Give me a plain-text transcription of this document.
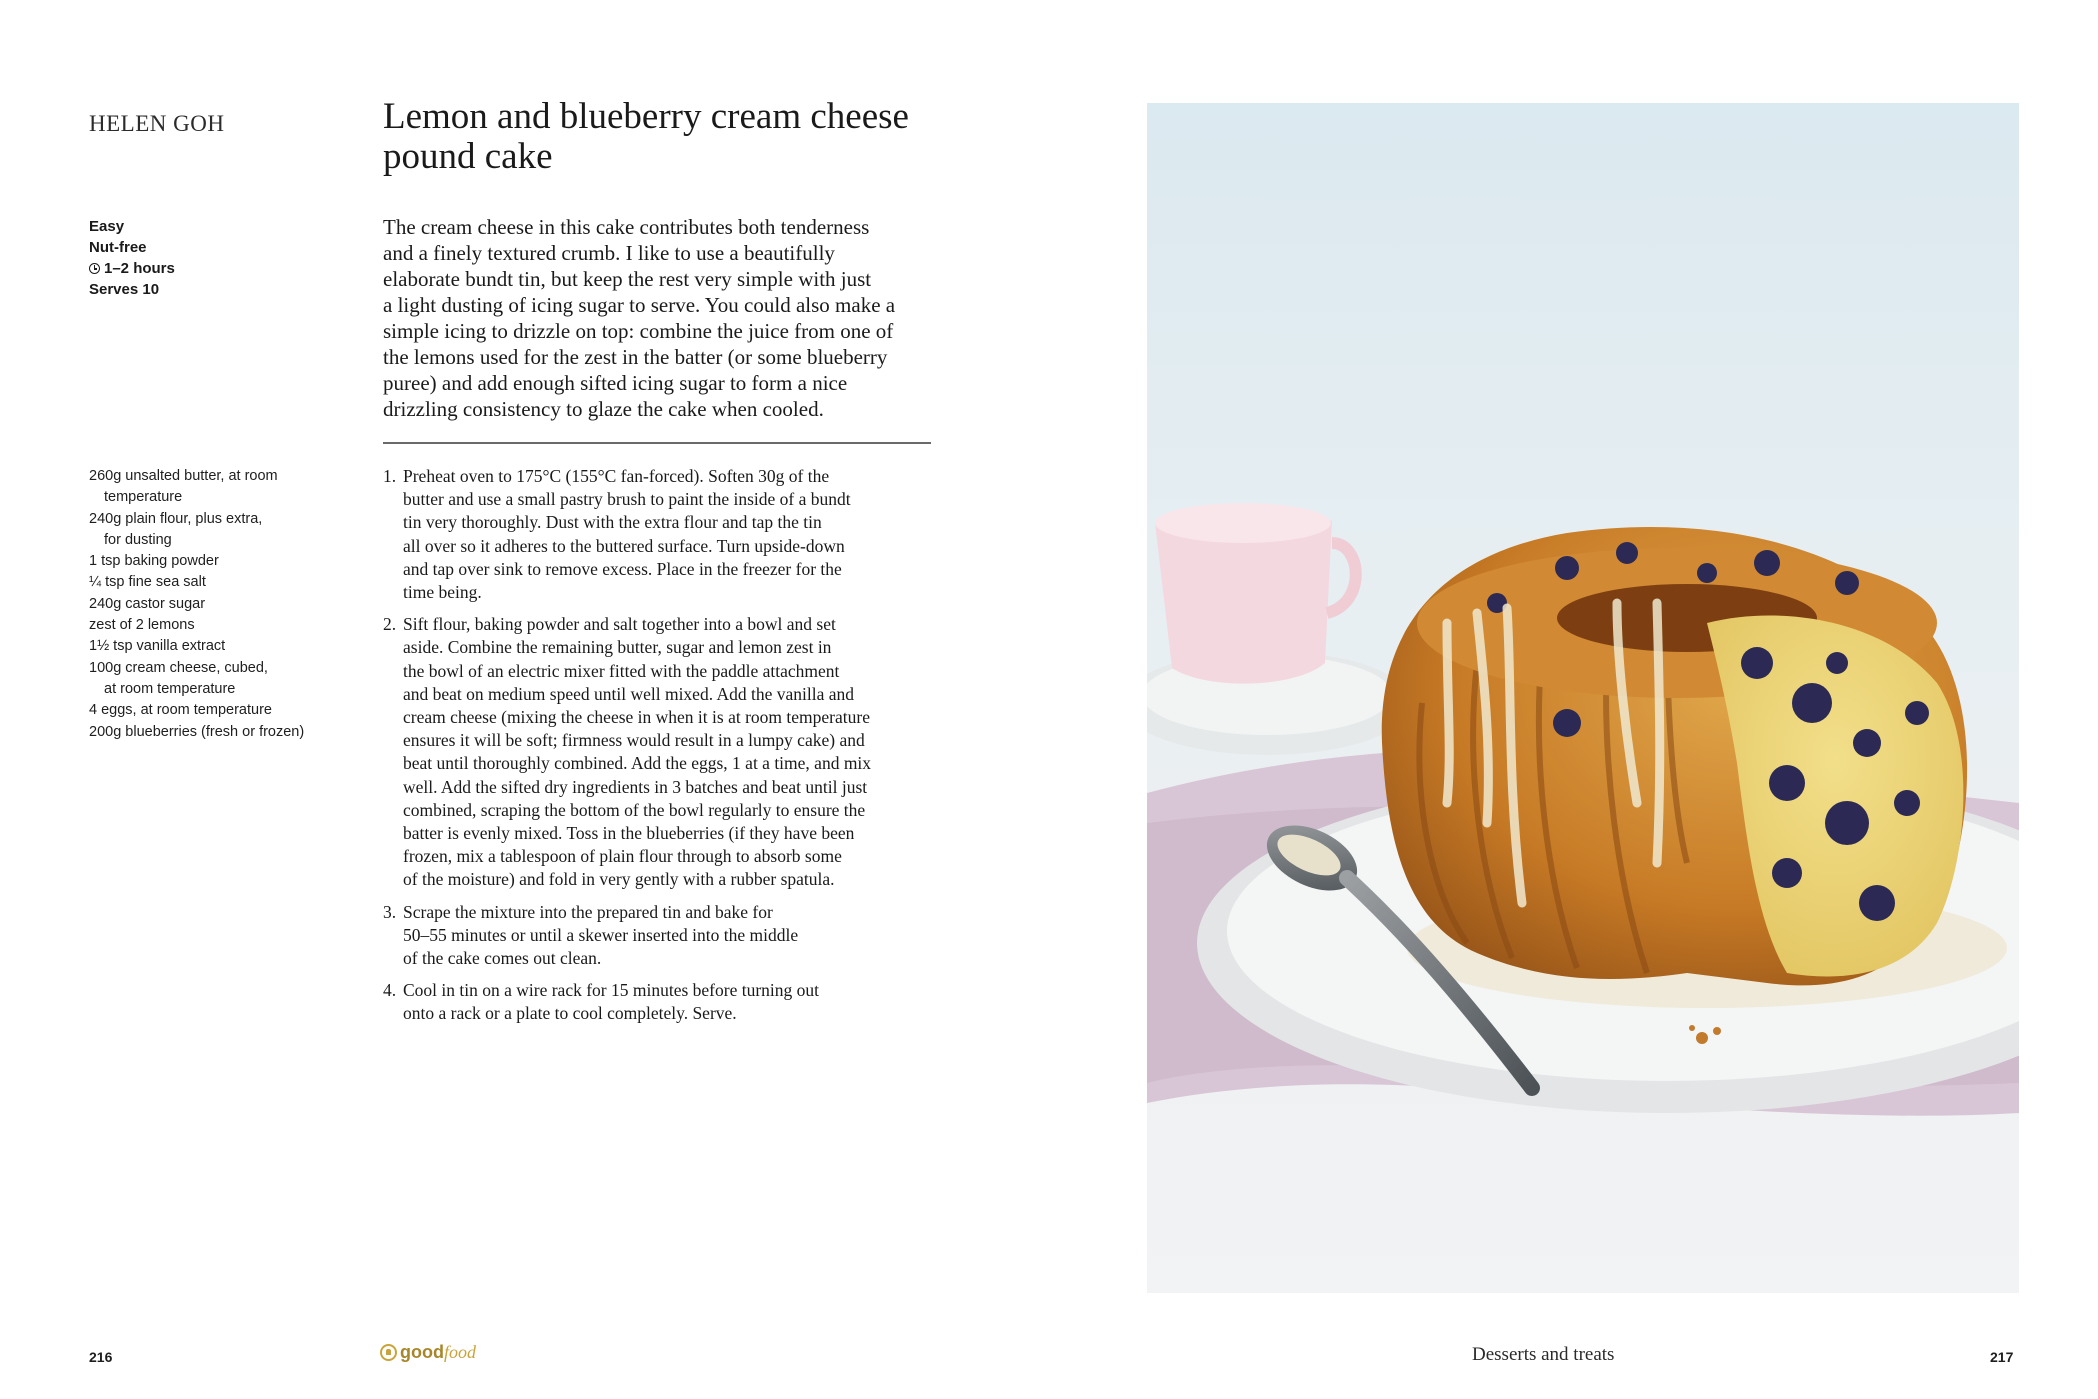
HELEN GOH	Lemon and blueberry cream cheese
pound cake
Easy
Nut-free
1–2 hours
Serves 10

The cream cheese in this cake contributes both tenderness
and a finely textured crumb. I like to use a beautifully
elaborate bundt tin, but keep the rest very simple with just
a light dusting of icing sugar to serve. You could also make a
simple icing to drizzle on top: combine the juice from one of
the lemons used for the zest in the batter (or some blueberry
puree) and add enough sifted icing sugar to form a nice
drizzling consistency to glaze the cake when cooled.

260g unsalted butter, at room
temperature
240g plain flour, plus extra,
for dusting
1 tsp baking powder
¼ tsp fine sea salt
240g castor sugar
zest of 2 lemons
1½ tsp vanilla extract
100g cream cheese, cubed,
at room temperature
4 eggs, at room temperature
200g blueberries (fresh or frozen)
1. Preheat oven to 175°C (155°C fan-forced). Soften 30g of the
butter and use a small pastry brush to paint the inside of a bundt
tin very thoroughly. Dust with the extra flour and tap the tin
all over so it adheres to the buttered surface. Turn upside-down
and tap over sink to remove excess. Place in the freezer for the
time being.
2. Sift flour, baking powder and salt together into a bowl and set
aside. Combine the remaining butter, sugar and lemon zest in
the bowl of an electric mixer fitted with the paddle attachment
and beat on medium speed until well mixed. Add the vanilla and
cream cheese (mixing the cheese in when it is at room temperature
ensures it will be soft; firmness would result in a lumpy cake) and
beat until thoroughly combined. Add the eggs, 1 at a time, and mix
well. Add the sifted dry ingredients in 3 batches and beat until just
combined, scraping the bottom of the bowl regularly to ensure the
batter is evenly mixed. Toss in the blueberries (if they have been
frozen, mix a tablespoon of plain flour through to absorb some
of the moisture) and fold in very gently with a rubber spatula.
3. Scrape the mixture into the prepared tin and bake for
50–55 minutes or until a skewer inserted into the middle
of the cake comes out clean.
4. Cool in tin on a wire rack for 15 minutes before turning out
onto a rack or a plate to cool completely. Serve.
216	good food	Desserts and treats	217
